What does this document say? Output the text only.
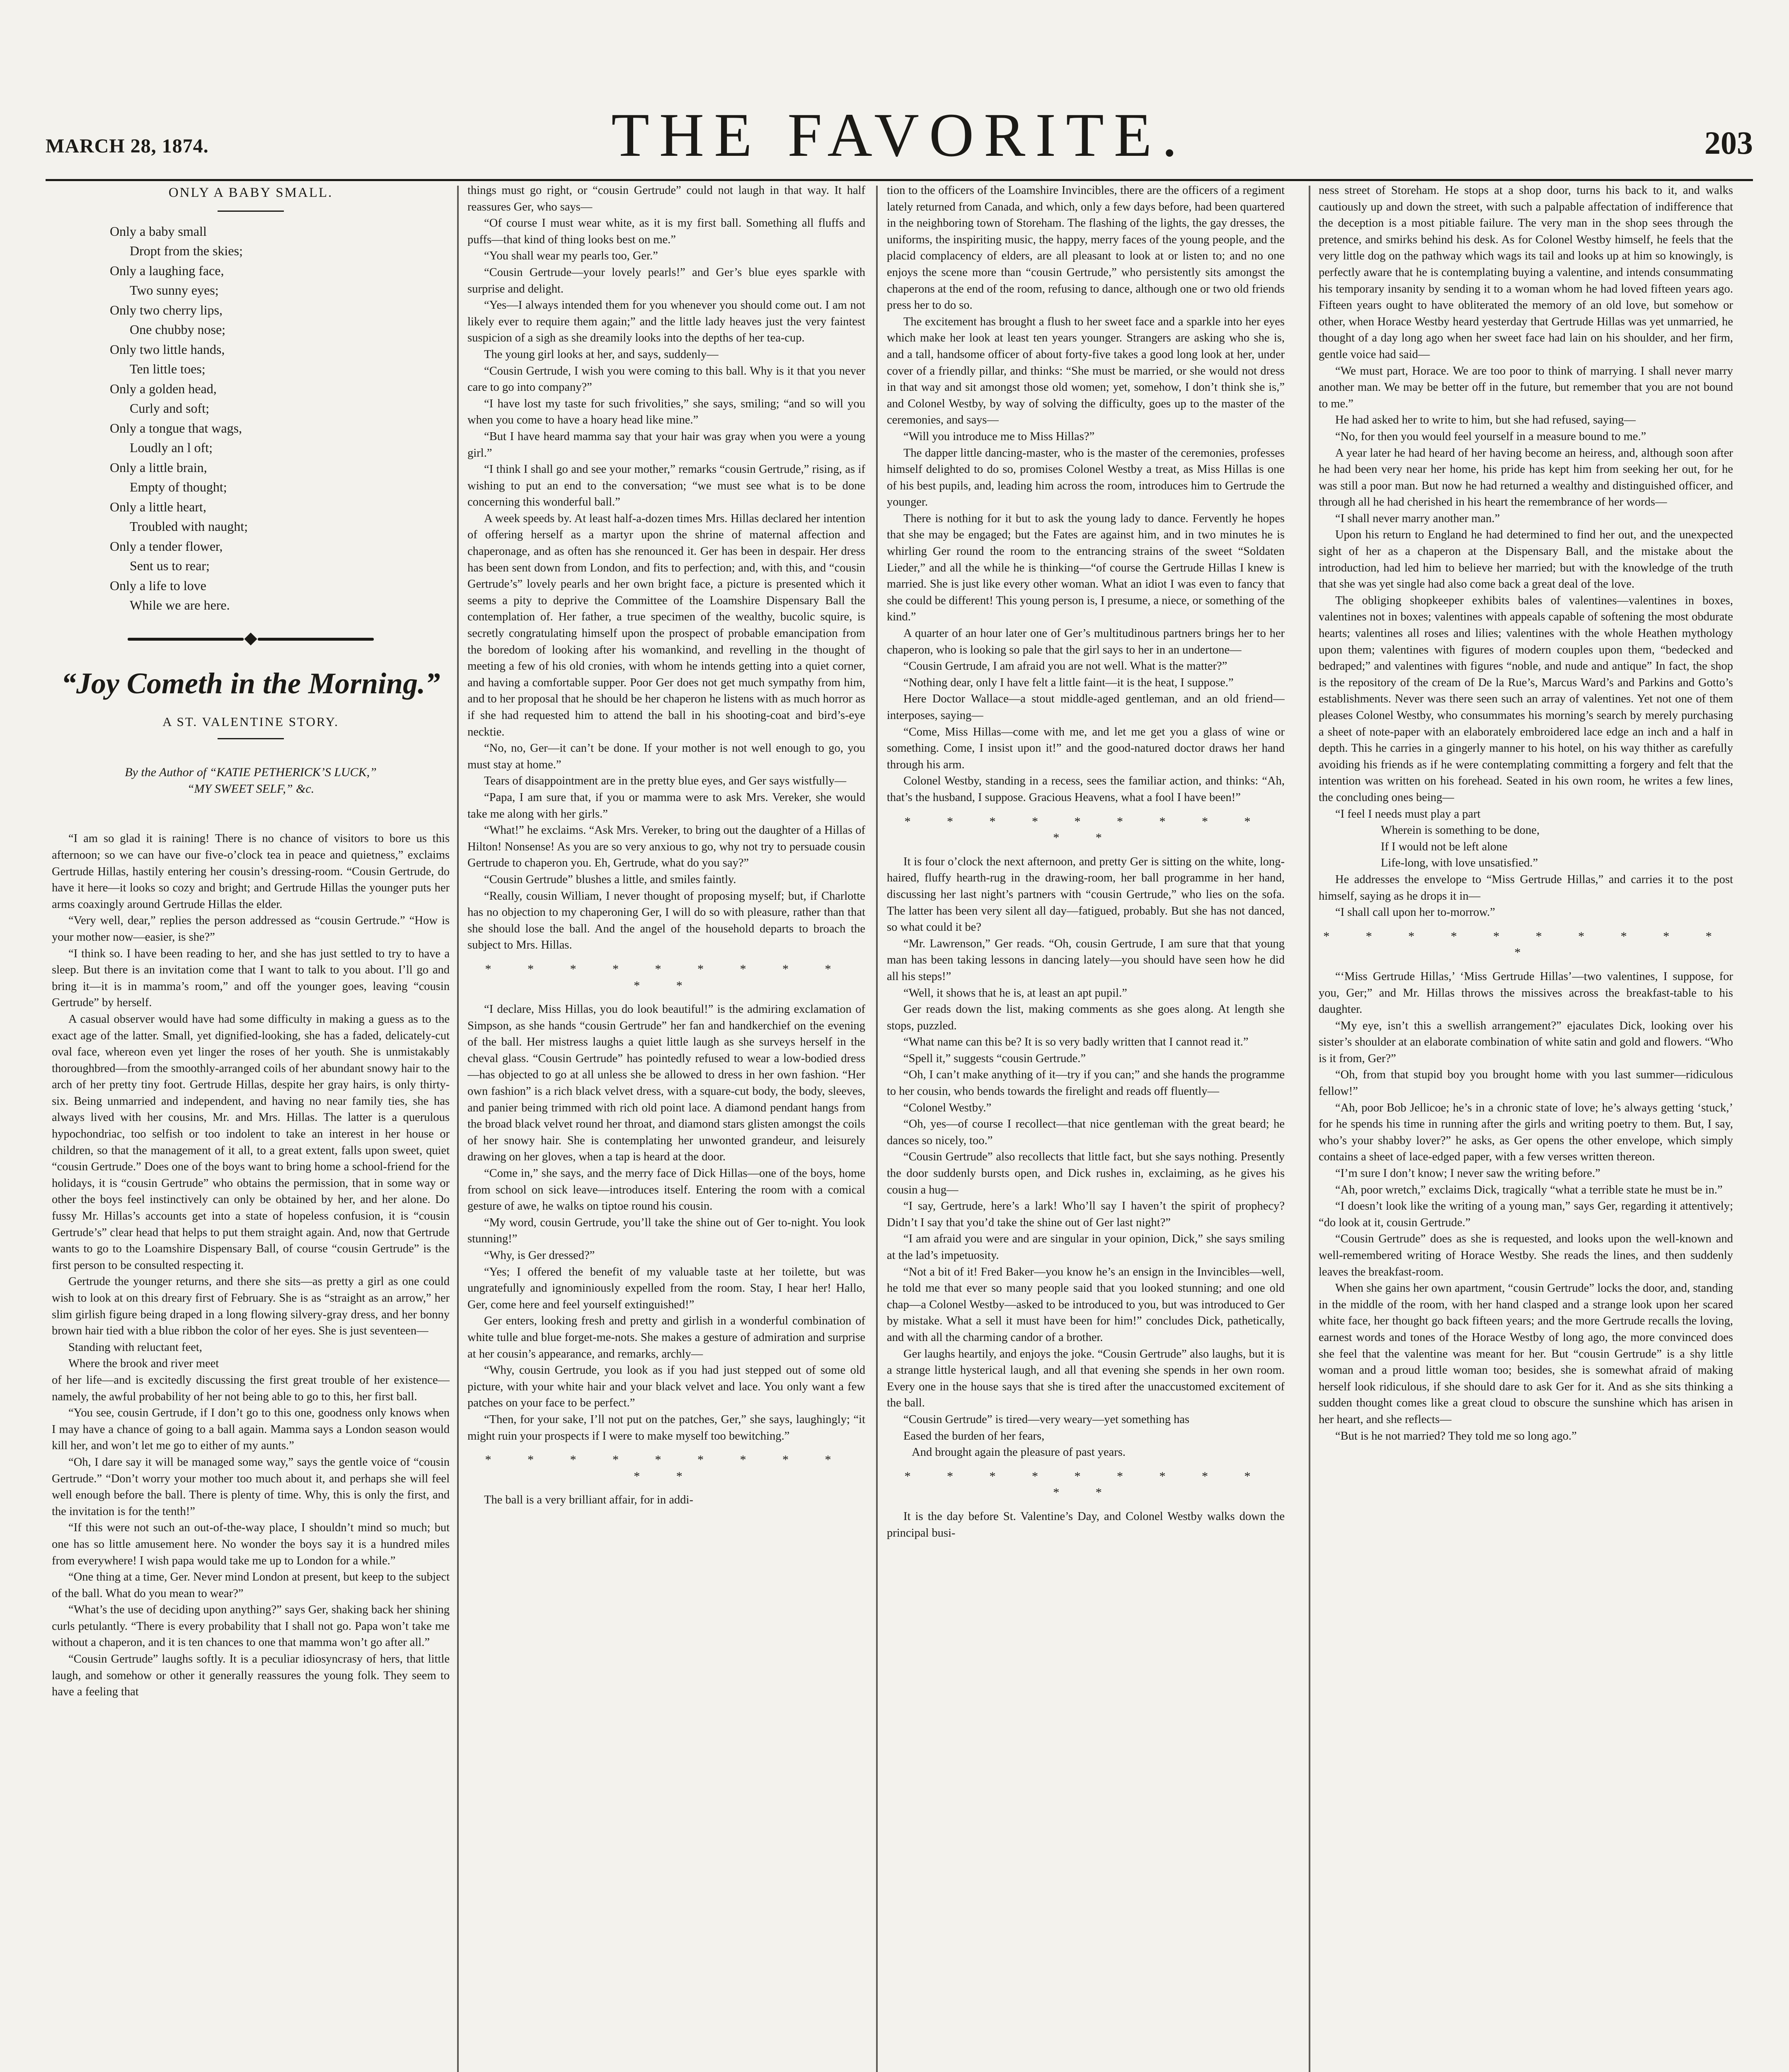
MARCH 28, 1874.	THE FAVORITE.	203
ONLY A BABY SMALL.
Only a baby small
Dropt from the skies;
Only a laughing face,
Two sunny eyes;
Only two cherry lips,
One chubby nose;
Only two little hands,
Ten little toes;
Only a golden head,
Curly and soft;
Only a tongue that wags,
Loudly an l oft;
Only a little brain,
Empty of thought;
Only a little heart,
Troubled with naught;
Only a tender flower,
Sent us to rear;
Only a life to love
While we are here.
“Joy Cometh in the Morning.”
A ST. VALENTINE STORY.
By the Author of “KATIE PETHERICK’S LUCK,”
“MY SWEET SELF,” &c.

“I am so glad it is raining! There is no chance of visitors to bore us this afternoon; so we can have our five-o’clock tea in peace and quietness,” exclaims Gertrude Hillas, hastily entering her cousin’s dressing-room. “Cousin Gertrude, do have it here—it looks so cozy and bright; and Gertrude Hillas the younger puts her arms coaxingly around Gertrude Hillas the elder.

“Very well, dear,” replies the person addressed as “cousin Gertrude.” “How is your mother now—easier, is she?”

“I think so. I have been reading to her, and she has just settled to try to have a sleep. But there is an invitation come that I want to talk to you about. I’ll go and bring it—it is in mamma’s room,” and off the younger goes, leaving “cousin Gertrude” by herself.

A casual observer would have had some difficulty in making a guess as to the exact age of the latter. Small, yet dignified-looking, she has a faded, delicately-cut oval face, whereon even yet linger the roses of her youth. She is unmistakably thoroughbred—from the smoothly-arranged coils of her abundant snowy hair to the arch of her pretty tiny foot. Gertrude Hillas, despite her gray hairs, is only thirty-six. Being unmarried and independent, and having no near family ties, she has always lived with her cousins, Mr. and Mrs. Hillas. The latter is a querulous hypochondriac, too selfish or too indolent to take an interest in her house or children, so that the management of it all, to a great extent, falls upon sweet, quiet “cousin Gertrude.” Does one of the boys want to bring home a school-friend for the holidays, it is “cousin Gertrude” who obtains the permission, that in some way or other the boys feel instinctively can only be obtained by her, and her alone. Do fussy Mr. Hillas’s accounts get into a state of hopeless confusion, it is “cousin Gertrude’s” clear head that helps to put them straight again. And, now that Gertrude wants to go to the Loamshire Dispensary Ball, of course “cousin Gertrude” is the first person to be consulted respecting it.

Gertrude the younger returns, and there she sits—as pretty a girl as one could wish to look at on this dreary first of February. She is as “straight as an arrow,” her slim girlish figure being draped in a long flowing silvery-gray dress, and her bonny brown hair tied with a blue ribbon the color of her eyes. She is just seventeen—

Standing with reluctant feet,

Where the brook and river meet

of her life—and is excitedly discussing the first great trouble of her existence—namely, the awful probability of her not being able to go to this, her first ball.

“You see, cousin Gertrude, if I don’t go to this one, goodness only knows when I may have a chance of going to a ball again. Mamma says a London season would kill her, and won’t let me go to either of my aunts.”

“Oh, I dare say it will be managed some way,” says the gentle voice of “cousin Gertrude.” “Don’t worry your mother too much about it, and perhaps she will feel well enough before the ball. There is plenty of time. Why, this is only the first, and the invitation is for the tenth!”

“If this were not such an out-of-the-way place, I shouldn’t mind so much; but one has so little amusement here. No wonder the boys say it is a hundred miles from everywhere! I wish papa would take me up to London for a while.”

“One thing at a time, Ger. Never mind London at present, but keep to the subject of the ball. What do you mean to wear?”

“What’s the use of deciding upon anything?” says Ger, shaking back her shining curls petulantly. “There is every probability that I shall not go. Papa won’t take me without a chaperon, and it is ten chances to one that mamma won’t go after all.”

“Cousin Gertrude” laughs softly. It is a peculiar idiosyncrasy of hers, that little laugh, and somehow or other it generally reassures the young folk. They seem to have a feeling that

things must go right, or “cousin Gertrude” could not laugh in that way. It half reassures Ger, who says—

“Of course I must wear white, as it is my first ball. Something all fluffs and puffs—that kind of thing looks best on me.”

“You shall wear my pearls too, Ger.”

“Cousin Gertrude—your lovely pearls!” and Ger’s blue eyes sparkle with surprise and delight.

“Yes—I always intended them for you whenever you should come out. I am not likely ever to require them again;” and the little lady heaves just the very faintest suspicion of a sigh as she dreamily looks into the depths of her tea-cup.

The young girl looks at her, and says, suddenly—

“Cousin Gertrude, I wish you were coming to this ball. Why is it that you never care to go into company?”

“I have lost my taste for such frivolities,” she says, smiling; “and so will you when you come to have a hoary head like mine.”

“But I have heard mamma say that your hair was gray when you were a young girl.”

“I think I shall go and see your mother,” remarks “cousin Gertrude,” rising, as if wishing to put an end to the conversation; “we must see what is to be done concerning this wonderful ball.”

A week speeds by. At least half-a-dozen times Mrs. Hillas declared her intention of offering herself as a martyr upon the shrine of maternal affection and chaperonage, and as often has she renounced it. Ger has been in despair. Her dress has been sent down from London, and fits to perfection; and, with this, and “cousin Gertrude’s” lovely pearls and her own bright face, a picture is presented which it seems a pity to deprive the Committee of the Loamshire Dispensary Ball the contemplation of. Her father, a true specimen of the wealthy, bucolic squire, is secretly congratulating himself upon the prospect of probable emancipation from the boredom of looking after his womankind, and revelling in the thought of meeting a few of his old cronies, with whom he intends getting into a quiet corner, and having a comfortable supper. Poor Ger does not get much sympathy from him, and to her proposal that he should be her chaperon he listens with as much horror as if she had requested him to attend the ball in his shooting-coat and bird’s-eye necktie.

“No, no, Ger—it can’t be done. If your mother is not well enough to go, you must stay at home.”

Tears of disappointment are in the pretty blue eyes, and Ger says wistfully—

“Papa, I am sure that, if you or mamma were to ask Mrs. Vereker, she would take me along with her girls.”

“What!” he exclaims. “Ask Mrs. Vereker, to bring out the daughter of a Hillas of Hilton! Nonsense! As you are so very anxious to go, why not try to persuade cousin Gertrude to chaperon you. Eh, Gertrude, what do you say?”

“Cousin Gertrude” blushes a little, and smiles faintly.

“Really, cousin William, I never thought of proposing myself; but, if Charlotte has no objection to my chaperoning Ger, I will do so with pleasure, rather than that she should lose the ball. And the angel of the household departs to broach the subject to Mrs. Hillas.

* * * * * * * * * * *

“I declare, Miss Hillas, you do look beautiful!” is the admiring exclamation of Simpson, as she hands “cousin Gertrude” her fan and handkerchief on the evening of the ball. Her mistress laughs a quiet little laugh as she surveys herself in the cheval glass. “Cousin Gertrude” has pointedly refused to wear a low-bodied dress—has objected to go at all unless she be allowed to dress in her own fashion. “Her own fashion” is a rich black velvet dress, with a square-cut body, the body, sleeves, and panier being trimmed with rich old point lace. A diamond pendant hangs from the broad black velvet round her throat, and diamond stars glisten amongst the coils of her snowy hair. She is contemplating her unwonted grandeur, and leisurely drawing on her gloves, when a tap is heard at the door.

“Come in,” she says, and the merry face of Dick Hillas—one of the boys, home from school on sick leave—introduces itself. Entering the room with a comical gesture of awe, he walks on tiptoe round his cousin.

“My word, cousin Gertrude, you’ll take the shine out of Ger to-night. You look stunning!”

“Why, is Ger dressed?”

“Yes; I offered the benefit of my valuable taste at her toilette, but was ungratefully and ignominiously expelled from the room. Stay, I hear her! Hallo, Ger, come here and feel yourself extinguished!”

Ger enters, looking fresh and pretty and girlish in a wonderful combination of white tulle and blue forget-me-nots. She makes a gesture of admiration and surprise at her cousin’s appearance, and remarks, archly—

“Why, cousin Gertrude, you look as if you had just stepped out of some old picture, with your white hair and your black velvet and lace. You only want a few patches on your face to be perfect.”

“Then, for your sake, I’ll not put on the patches, Ger,” she says, laughingly; “it might ruin your prospects if I were to make myself too bewitching.”

* * * * * * * * * * *

The ball is a very brilliant affair, for in addi-

tion to the officers of the Loamshire Invincibles, there are the officers of a regiment lately returned from Canada, and which, only a few days before, had been quartered in the neighboring town of Storeham. The flashing of the lights, the gay dresses, the uniforms, the inspiriting music, the happy, merry faces of the young people, and the placid complacency of elders, are all pleasant to look at or listen to; and no one enjoys the scene more than “cousin Gertrude,” who persistently sits amongst the chaperons at the end of the room, refusing to dance, although one or two old friends press her to do so.

The excitement has brought a flush to her sweet face and a sparkle into her eyes which make her look at least ten years younger. Strangers are asking who she is, and a tall, handsome officer of about forty-five takes a good long look at her, under cover of a friendly pillar, and thinks: “She must be married, or she would not dress in that way and sit amongst those old women; yet, somehow, I don’t think she is,” and Colonel Westby, by way of solving the difficulty, goes up to the master of the ceremonies, and says—

“Will you introduce me to Miss Hillas?”

The dapper little dancing-master, who is the master of the ceremonies, professes himself delighted to do so, promises Colonel Westby a treat, as Miss Hillas is one of his best pupils, and, leading him across the room, introduces him to Gertrude the younger.

There is nothing for it but to ask the young lady to dance. Fervently he hopes that she may be engaged; but the Fates are against him, and in two minutes he is whirling Ger round the room to the entrancing strains of the sweet “Soldaten Lieder,” and all the while he is thinking—“of course the Gertrude Hillas I knew is married. She is just like every other woman. What an idiot I was even to fancy that she could be different! This young person is, I presume, a niece, or something of the kind.”

A quarter of an hour later one of Ger’s multitudinous partners brings her to her chaperon, who is looking so pale that the girl says to her in an undertone—

“Cousin Gertrude, I am afraid you are not well. What is the matter?”

“Nothing dear, only I have felt a little faint—it is the heat, I suppose.”

Here Doctor Wallace—a stout middle-aged gentleman, and an old friend—interposes, saying—

“Come, Miss Hillas—come with me, and let me get you a glass of wine or something. Come, I insist upon it!” and the good-natured doctor draws her hand through his arm.

Colonel Westby, standing in a recess, sees the familiar action, and thinks: “Ah, that’s the husband, I suppose. Gracious Heavens, what a fool I have been!”

* * * * * * * * * * *

It is four o’clock the next afternoon, and pretty Ger is sitting on the white, long-haired, fluffy hearth-rug in the drawing-room, her ball programme in her hand, discussing her last night’s partners with “cousin Gertrude,” who lies on the sofa. The latter has been very silent all day—fatigued, probably. But she has not danced, so what could it be?

“Mr. Lawrenson,” Ger reads. “Oh, cousin Gertrude, I am sure that that young man has been taking lessons in dancing lately—you should have seen how he did all his steps!”

“Well, it shows that he is, at least an apt pupil.”

Ger reads down the list, making comments as she goes along. At length she stops, puzzled.

“What name can this be? It is so very badly written that I cannot read it.”

“Spell it,” suggests “cousin Gertrude.”

“Oh, I can’t make anything of it—try if you can;” and she hands the programme to her cousin, who bends towards the firelight and reads off fluently—

“Colonel Westby.”

“Oh, yes—of course I recollect—that nice gentleman with the great beard; he dances so nicely, too.”

“Cousin Gertrude” also recollects that little fact, but she says nothing. Presently the door suddenly bursts open, and Dick rushes in, exclaiming, as he gives his cousin a hug—

“I say, Gertrude, here’s a lark! Who’ll say I haven’t the spirit of prophecy? Didn’t I say that you’d take the shine out of Ger last night?”

“I am afraid you were and are singular in your opinion, Dick,” she says smiling at the lad’s impetuosity.

“Not a bit of it! Fred Baker—you know he’s an ensign in the Invincibles—well, he told me that ever so many people said that you looked stunning; and one old chap—a Colonel Westby—asked to be introduced to you, but was introduced to Ger by mistake. What a sell it must have been for him!” concludes Dick, pathetically, and with all the charming candor of a brother.

Ger laughs heartily, and enjoys the joke. “Cousin Gertrude” also laughs, but it is a strange little hysterical laugh, and all that evening she spends in her own room. Every one in the house says that she is tired after the unaccustomed excitement of the ball.

“Cousin Gertrude” is tired—very weary—yet something has

Eased the burden of her fears,

And brought again the pleasure of past years.

* * * * * * * * * * *

It is the day before St. Valentine’s Day, and Colonel Westby walks down the principal busi-

ness street of Storeham. He stops at a shop door, turns his back to it, and walks cautiously up and down the street, with such a palpable affectation of indifference that the deception is a most pitiable failure. The very man in the shop sees through the pretence, and smirks behind his desk. As for Colonel Westby himself, he feels that the very little dog on the pathway which wags its tail and looks up at him so knowingly, is perfectly aware that he is contemplating buying a valentine, and intends consummating his temporary insanity by sending it to a woman whom he had loved fifteen years ago. Fifteen years ought to have obliterated the memory of an old love, but somehow or other, when Horace Westby heard yesterday that Gertrude Hillas was yet unmarried, he thought of a day long ago when her sweet face had lain on his shoulder, and her firm, gentle voice had said—

“We must part, Horace. We are too poor to think of marrying. I shall never marry another man. We may be better off in the future, but remember that you are not bound to me.”

He had asked her to write to him, but she had refused, saying—

“No, for then you would feel yourself in a measure bound to me.”

A year later he had heard of her having become an heiress, and, although soon after he had been very near her home, his pride has kept him from seeking her out, for he was still a poor man. But now he had returned a wealthy and distinguished officer, and through all he had cherished in his heart the remembrance of her words—

“I shall never marry another man.”

Upon his return to England he had determined to find her out, and the unexpected sight of her as a chaperon at the Dispensary Ball, and the mistake about the introduction, had led him to believe her married; but with the knowledge of the truth that she was yet single had also come back a great deal of the love.

The obliging shopkeeper exhibits bales of valentines—valentines in boxes, valentines not in boxes; valentines with appeals capable of softening the most obdurate hearts; valentines all roses and lilies; valentines with the whole Heathen mythology upon them; valentines with figures of modern couples upon them, “bedecked and bedraped;” and valentines with figures “noble, and nude and antique” In fact, the shop is the repository of the cream of De la Rue’s, Marcus Ward’s and Parkins and Gotto’s establishments. Never was there seen such an array of valentines. Yet not one of them pleases Colonel Westby, who consummates his morning’s search by merely purchasing a sheet of note-paper with an elaborately embroidered lace edge an inch and a half in depth. This he carries in a gingerly manner to his hotel, on his way thither as carefully avoiding his friends as if he were contemplating committing a forgery and felt that the intention was written on his forehead. Seated in his own room, he writes a few lines, the concluding ones being—

“I feel I needs must play a part

Wherein is something to be done,

If I would not be left alone

Life-long, with love unsatisfied.”

He addresses the envelope to “Miss Gertrude Hillas,” and carries it to the post himself, saying as he drops it in—

“I shall call upon her to-morrow.”

* * * * * * * * * * *

“‘Miss Gertrude Hillas,’ ‘Miss Gertrude Hillas’—two valentines, I suppose, for you, Ger;” and Mr. Hillas throws the missives across the breakfast-table to his daughter.

“My eye, isn’t this a swellish arrangement?” ejaculates Dick, looking over his sister’s shoulder at an elaborate combination of white satin and gold and flowers. “Who is it from, Ger?”

“Oh, from that stupid boy you brought home with you last summer—ridiculous fellow!”

“Ah, poor Bob Jellicoe; he’s in a chronic state of love; he’s always getting ‘stuck,’ for he spends his time in running after the girls and writing poetry to them. But, I say, who’s your shabby lover?” he asks, as Ger opens the other envelope, which simply contains a sheet of lace-edged paper, with a few verses written thereon.

“I’m sure I don’t know; I never saw the writing before.”

“Ah, poor wretch,” exclaims Dick, tragically “what a terrible state he must be in.”

“I doesn’t look like the writing of a young man,” says Ger, regarding it attentively; “do look at it, cousin Gertrude.”

“Cousin Gertrude” does as she is requested, and looks upon the well-known and well-remembered writing of Horace Westby. She reads the lines, and then suddenly leaves the breakfast-room.

When she gains her own apartment, “cousin Gertrude” locks the door, and, standing in the middle of the room, with her hand clasped and a strange look upon her scared white face, her thought go back fifteen years; and the more Gertrude recalls the loving, earnest words and tones of the Horace Westby of long ago, the more convinced does she feel that the valentine was meant for her. But “cousin Gertrude” is a shy little woman and a proud little woman too; besides, she is somewhat afraid of making herself look ridiculous, if she should dare to ask Ger for it. And as she sits thinking a sudden thought comes like a great cloud to obscure the sunshine which has arisen in her heart, and she reflects—

“But is he not married? They told me so long ago.”
